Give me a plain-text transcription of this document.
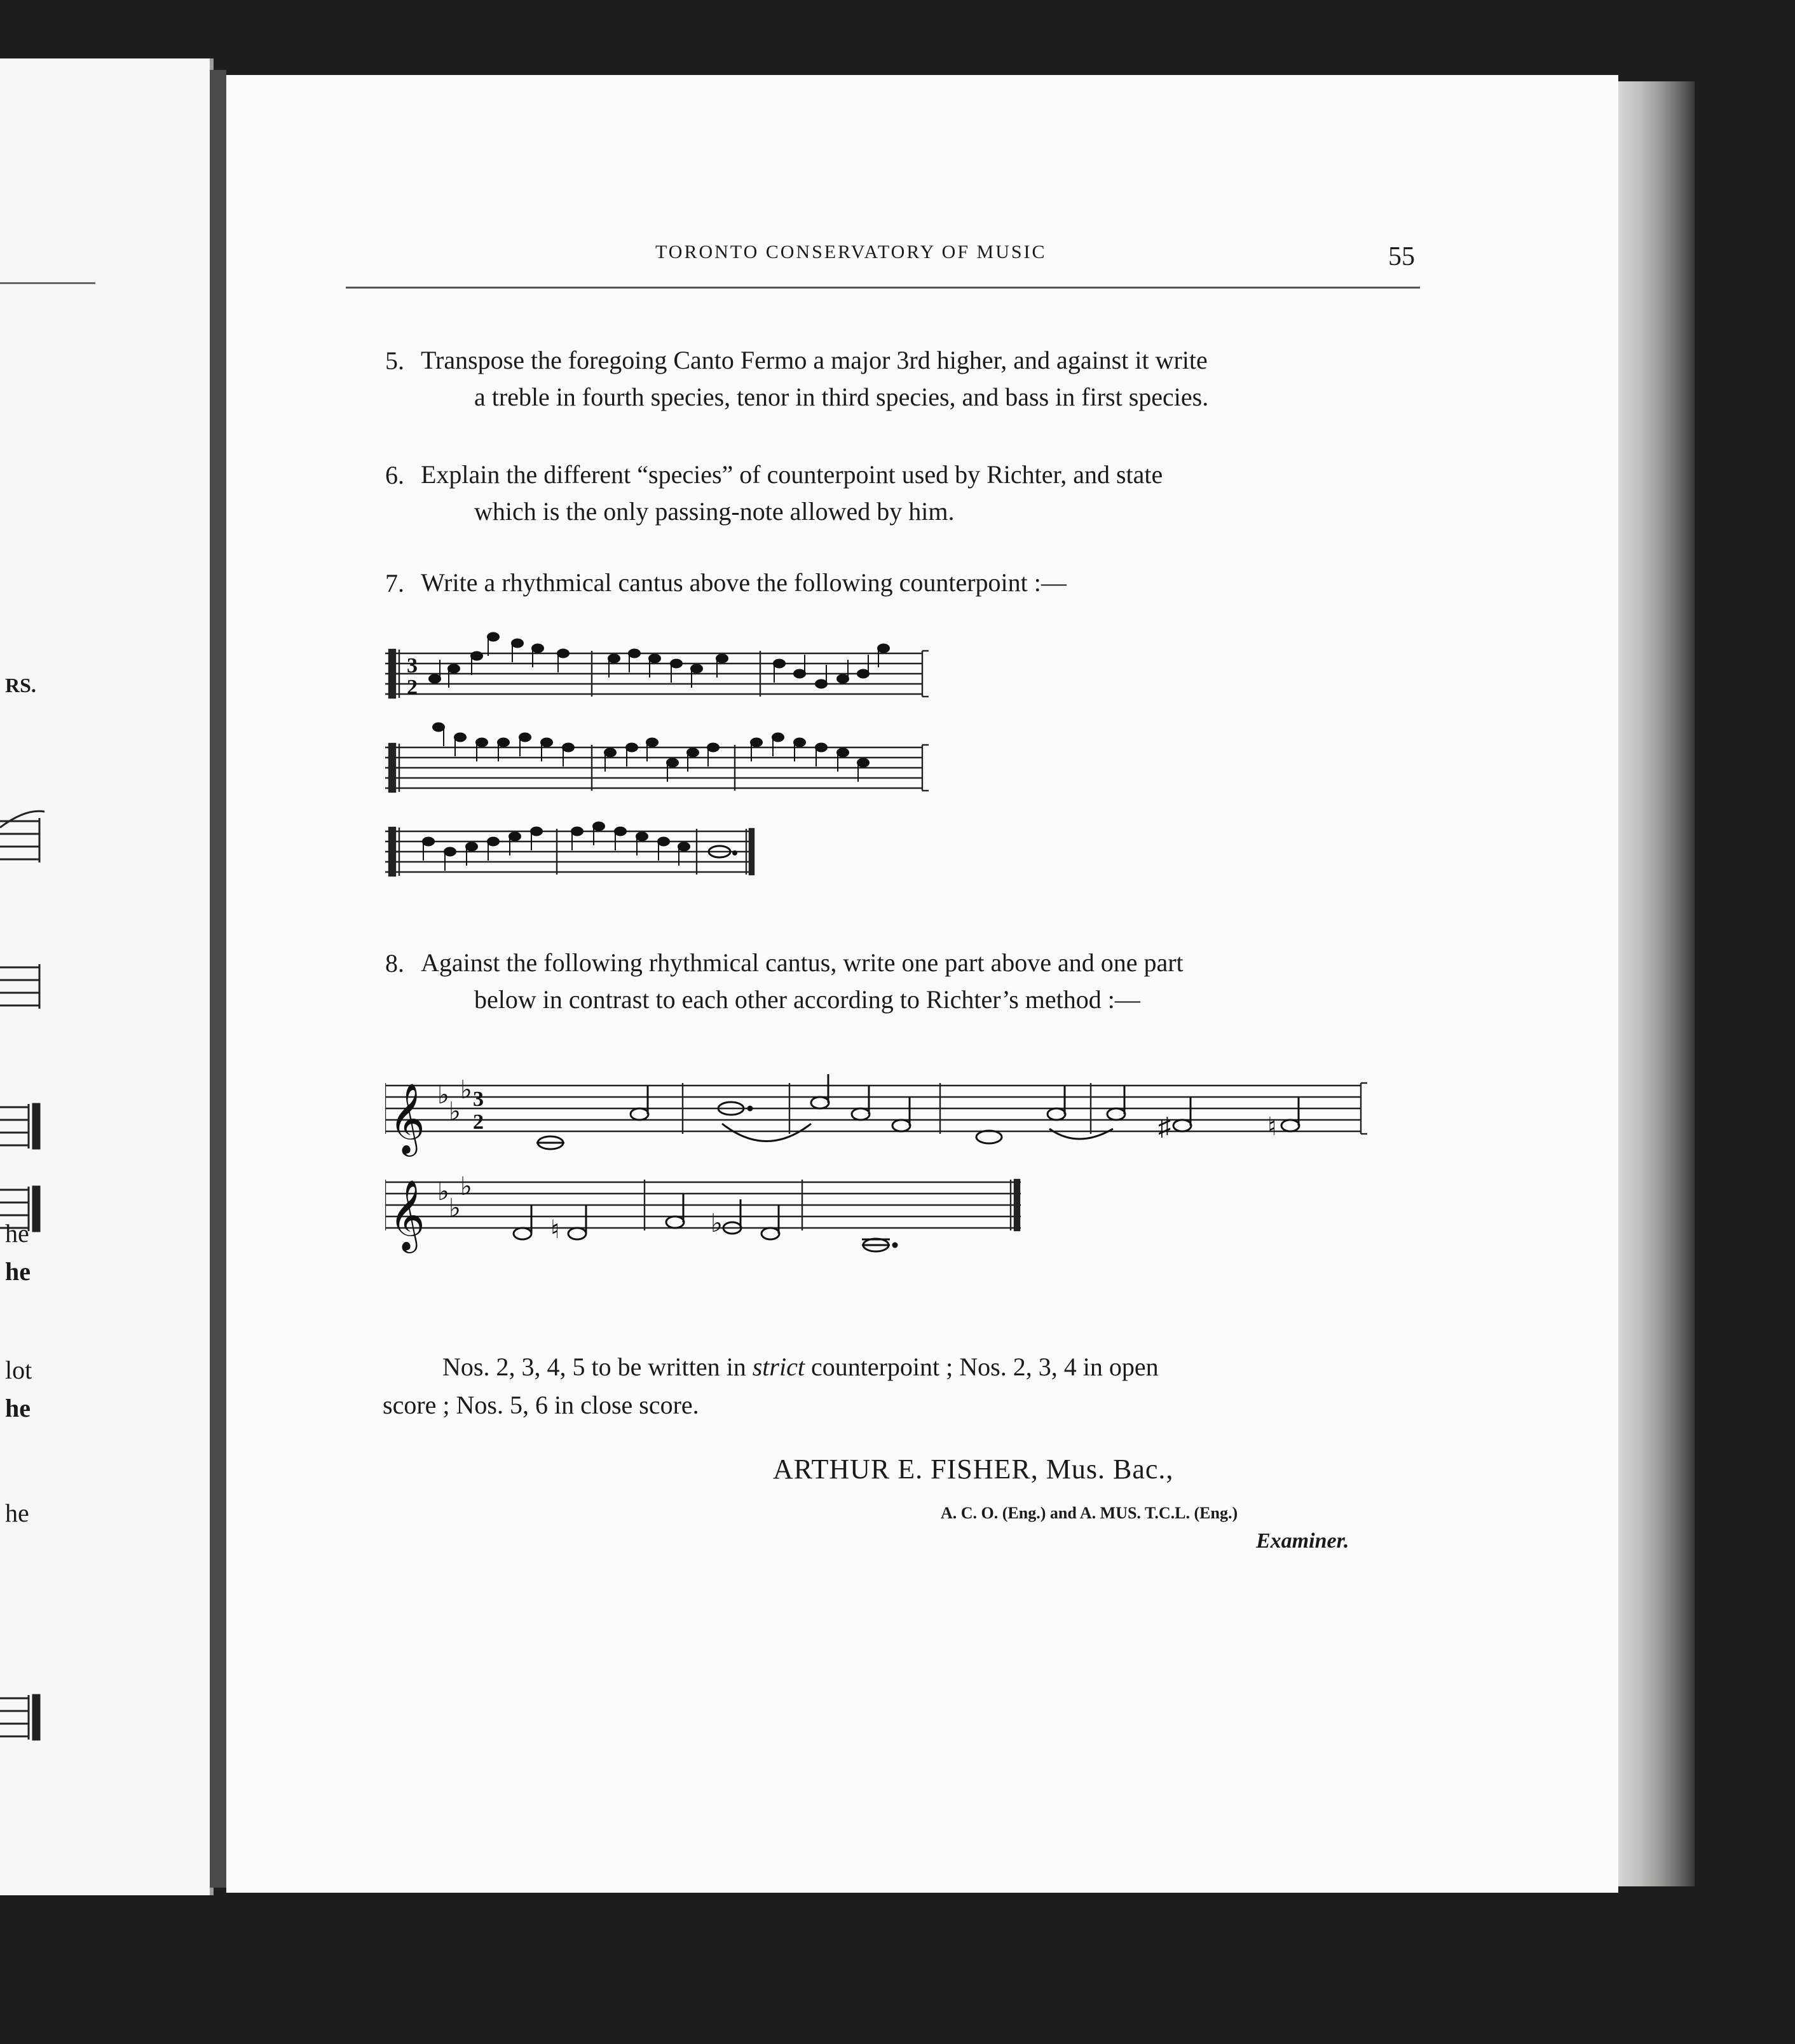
RS.
he
he
lot
he
he
TORONTO CONSERVATORY OF MUSIC	55
5. Transpose the foregoing Canto Fermo a major 3rd higher, and against it write
a treble in fourth species, tenor in third species, and bass in first species.
6. Explain the different “species” of counterpoint used by Richter, and state
which is the only passing-note allowed by him.
7. Write a rhythmical cantus above the following counterpoint :—
3
2
8. Against the following rhythmical cantus, write one part above and one part
below in contrast to each other according to Richter’s method :—
𝄞 ♭
♭
♭ 3
2	♯	♮
𝄞 ♭
♭
♭
♮	♭
Nos. 2, 3, 4, 5 to be written in strict counterpoint ; Nos. 2, 3, 4 in open
score ; Nos. 5, 6 in close score.
ARTHUR E. FISHER, Mus. Bac.,
A. C. O. (Eng.) and A. MUS. T.C.L. (Eng.)
Examiner.
